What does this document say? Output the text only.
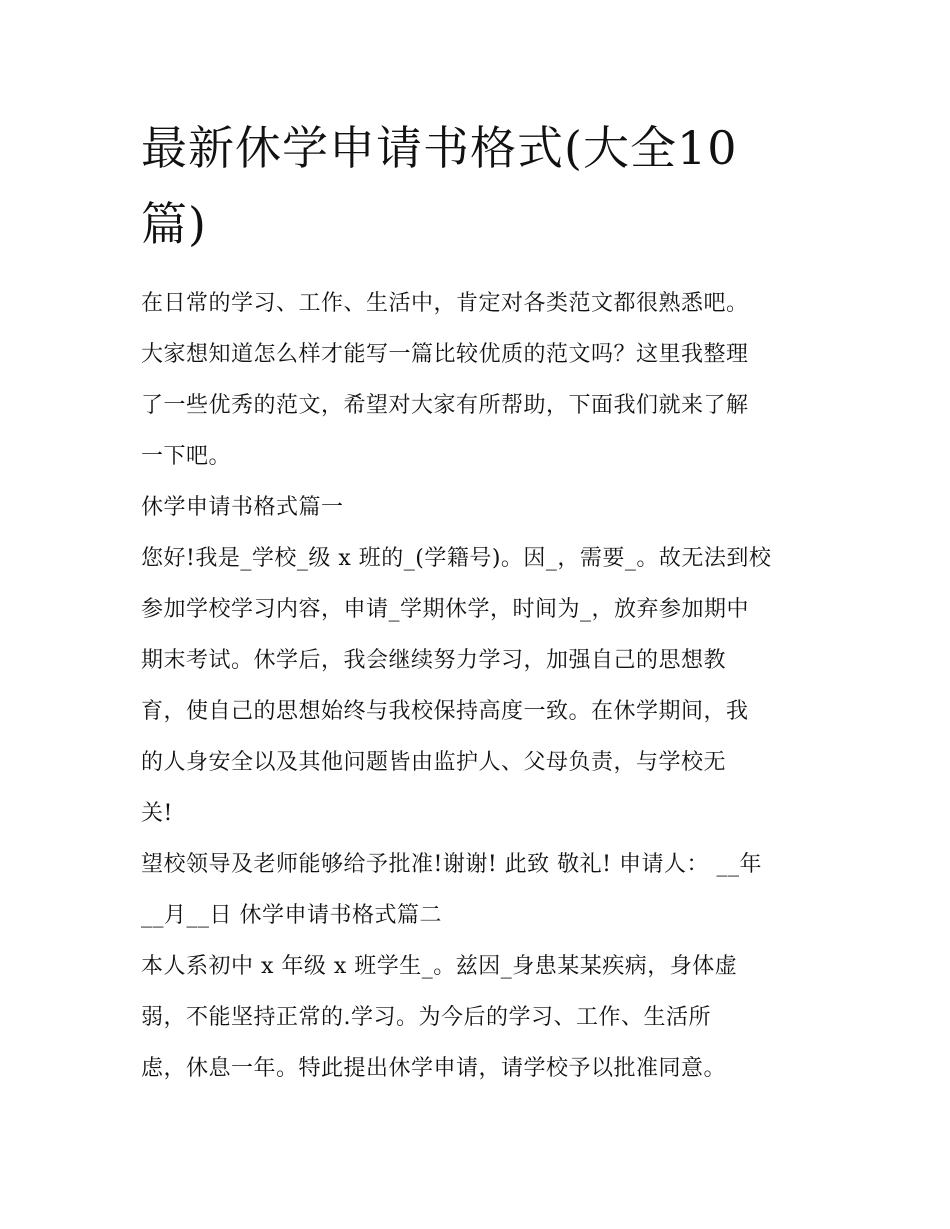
最新休学申请书格式(大全10
篇)

在日常的学习、工作、生活中，肯定对各类范文都很熟悉吧。
大家想知道怎么样才能写一篇比较优质的范文吗？这里我整理
了一些优秀的范文，希望对大家有所帮助，下面我们就来了解
一下吧。

休学申请书格式篇一

您好!我是_学校_级 x 班的_(学籍号)。因_，需要_。故无法到校
参加学校学习内容，申请_学期休学，时间为_，放弃参加期中
期末考试。休学后，我会继续努力学习，加强自己的思想教
育，使自己的思想始终与我校保持高度一致。在休学期间，我
的人身安全以及其他问题皆由监护人、父母负责，与学校无
关!

望校领导及老师能够给予批准!谢谢! 此致 敬礼! 申请人： __年
__月__日 休学申请书格式篇二

本人系初中 x 年级 x 班学生_。兹因_身患某某疾病，身体虚
弱，不能坚持正常的.学习。为今后的学习、工作、生活所
虑，休息一年。特此提出休学申请，请学校予以批准同意。
